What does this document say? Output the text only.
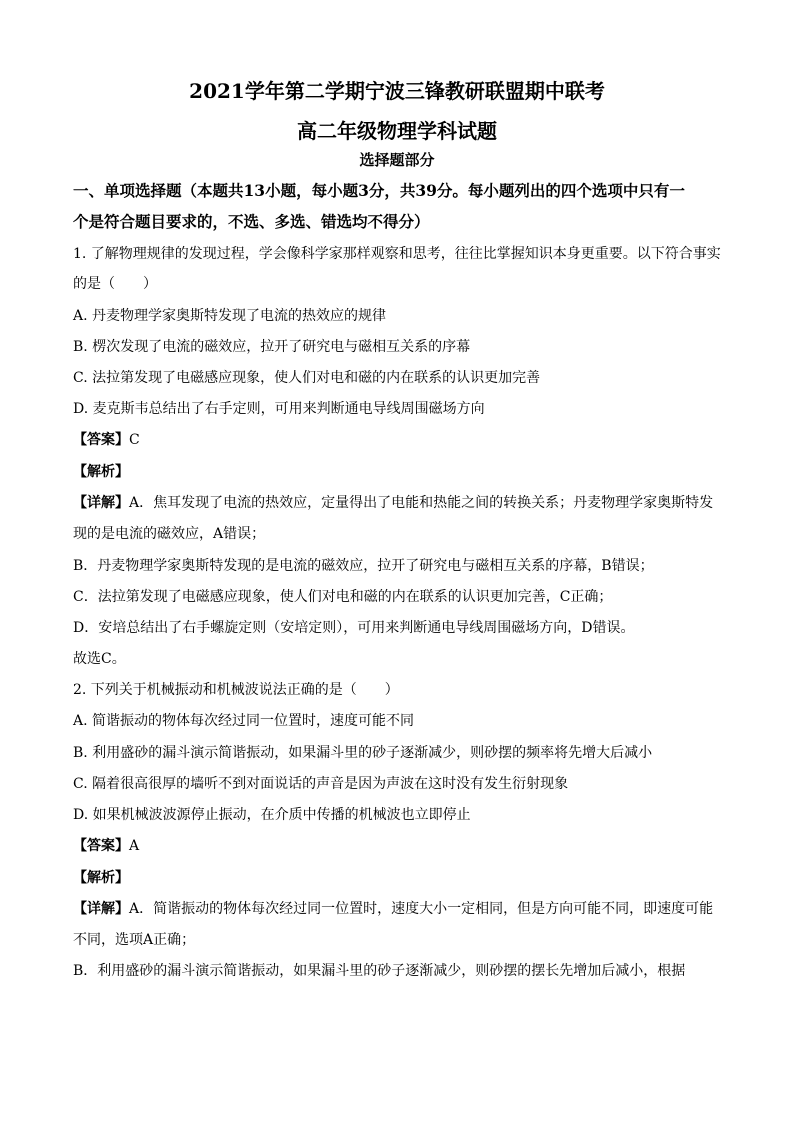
2021学年第二学期宁波三锋教研联盟期中联考
高二年级物理学科试题
选择题部分
一、单项选择题（本题共13小题，每小题3分，共39分。每小题列出的四个选项中只有一
个是符合题目要求的，不选、多选、错选均不得分）
1. 了解物理规律的发现过程，学会像科学家那样观察和思考，往往比掌握知识本身更重要。以下符合事实
的是（　　）
A. 丹麦物理学家奥斯特发现了电流的热效应的规律
B. 楞次发现了电流的磁效应，拉开了研究电与磁相互关系的序幕
C. 法拉第发现了电磁感应现象，使人们对电和磁的内在联系的认识更加完善
D. 麦克斯韦总结出了右手定则，可用来判断通电导线周围磁场方向
【答案】C
【解析】
【详解】A．焦耳发现了电流的热效应，定量得出了电能和热能之间的转换关系；丹麦物理学家奥斯特发
现的是电流的磁效应，A错误；
B．丹麦物理学家奥斯特发现的是电流的磁效应，拉开了研究电与磁相互关系的序幕，B错误；
C．法拉第发现了电磁感应现象，使人们对电和磁的内在联系的认识更加完善，C正确；
D．安培总结出了右手螺旋定则（安培定则），可用来判断通电导线周围磁场方向，D错误。
故选C。
2. 下列关于机械振动和机械波说法正确的是（　　）
A. 简谐振动的物体每次经过同一位置时，速度可能不同
B. 利用盛砂的漏斗演示简谐振动，如果漏斗里的砂子逐渐减少，则砂摆的频率将先增大后减小
C. 隔着很高很厚的墙听不到对面说话的声音是因为声波在这时没有发生衍射现象
D. 如果机械波波源停止振动，在介质中传播的机械波也立即停止
【答案】A
【解析】
【详解】A．简谐振动的物体每次经过同一位置时，速度大小一定相同，但是方向可能不同，即速度可能
不同，选项A正确；
B．利用盛砂的漏斗演示简谐振动，如果漏斗里的砂子逐渐减少，则砂摆的摆长先增加后减小，根据
